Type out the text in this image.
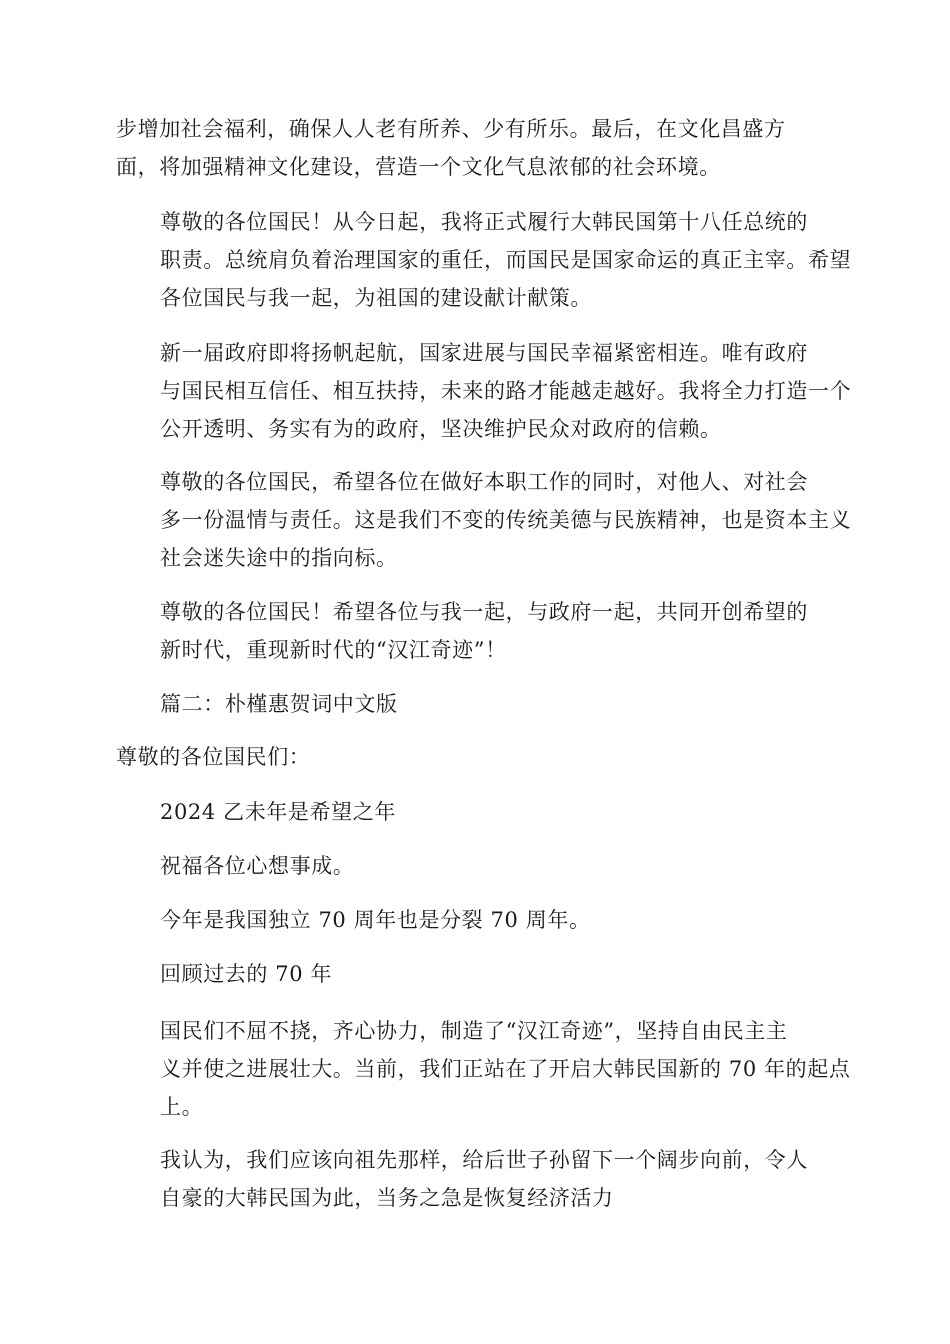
步增加社会福利，确保人人老有所养、少有所乐。最后，在文化昌盛方
面，将加强精神文化建设，营造一个文化气息浓郁的社会环境。

尊敬的各位国民！从今日起，我将正式履行大韩民国第十八任总统的
职责。总统肩负着治理国家的重任，而国民是国家命运的真正主宰。希望
各位国民与我一起，为祖国的建设献计献策。

新一届政府即将扬帆起航，国家进展与国民幸福紧密相连。唯有政府
与国民相互信任、相互扶持，未来的路才能越走越好。我将全力打造一个
公开透明、务实有为的政府，坚决维护民众对政府的信赖。

尊敬的各位国民，希望各位在做好本职工作的同时，对他人、对社会
多一份温情与责任。这是我们不变的传统美德与民族精神，也是资本主义
社会迷失途中的指向标。

尊敬的各位国民！希望各位与我一起，与政府一起，共同开创希望的
新时代，重现新时代的“汉江奇迹”！

篇二：朴槿惠贺词中文版

尊敬的各位国民们：

2024 乙未年是希望之年

祝福各位心想事成。

今年是我国独立 70 周年也是分裂 70 周年。

回顾过去的 70 年

国民们不屈不挠，齐心协力，制造了“汉江奇迹”，坚持自由民主主
义并使之进展壮大。当前，我们正站在了开启大韩民国新的 70 年的起点
上。

我认为，我们应该向祖先那样，给后世子孙留下一个阔步向前，令人
自豪的大韩民国为此，当务之急是恢复经济活力
